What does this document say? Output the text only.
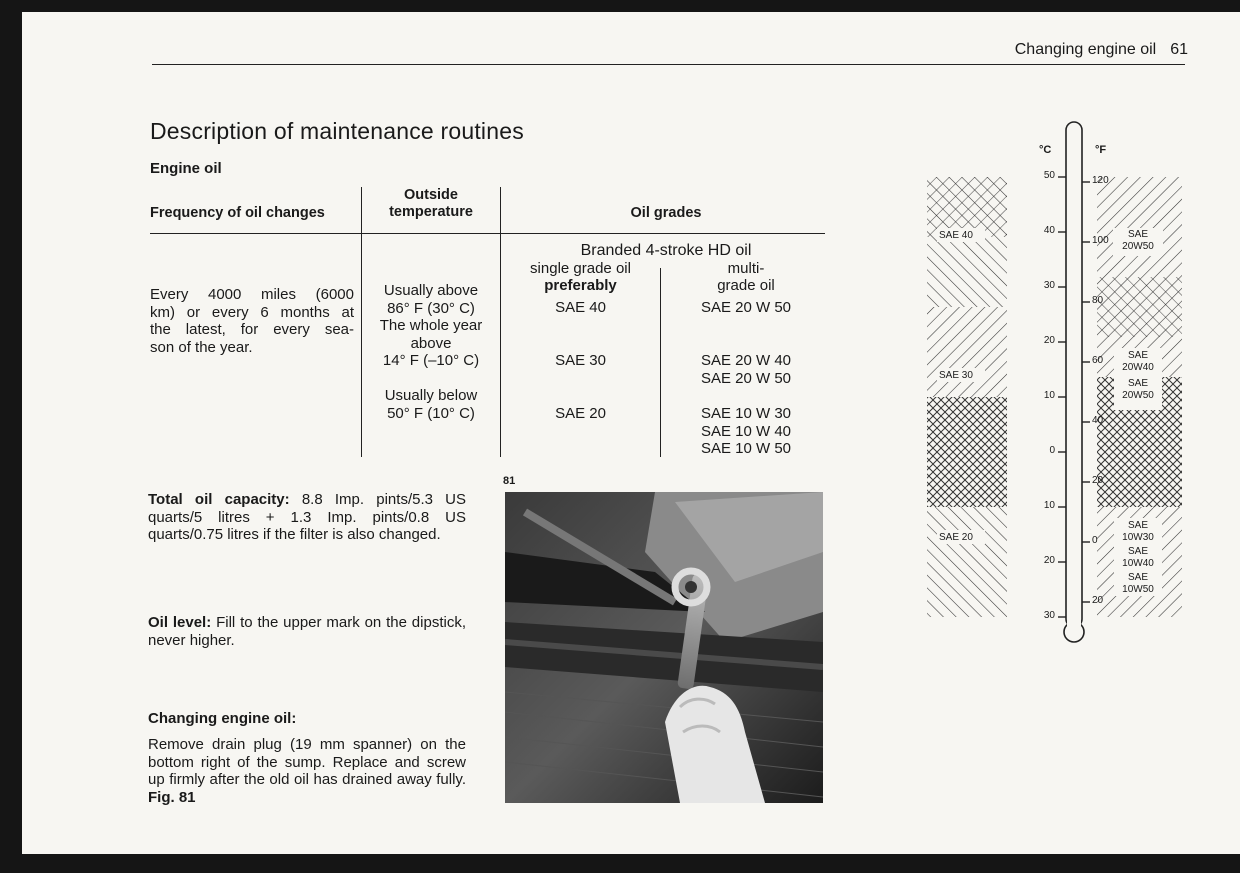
Changing engine oil 61
Description of maintenance routines
Engine oil
Frequency of oil changes
Outside
temperature	Oil grades
Branded 4-stroke HD oil
single grade oil
preferably
multi-
grade oil
Every 4000 miles (6000
km) or every 6 months at
the latest, for every sea-
son of the year.
Usually above
86° F (30° C)
The whole year
above
14° F (–10° C)
Usually below
50° F (10° C)
SAE 40
SAE 30
SAE 20
SAE 20 W 50
SAE 20 W 40
SAE 20 W 50
SAE 10 W 30
SAE 10 W 40
SAE 10 W 50
Total oil capacity: 8.8 Imp. pints/5.3 US quarts/5 litres + 1.3 Imp. pints/0.8 US quarts/0.75 litres if the filter is also changed.
Oil level: Fill to the upper mark on the dipstick, never higher.
Changing engine oil:
Remove drain plug (19 mm spanner) on the bottom right of the sump. Replace and screw up firmly after the old oil has drained away fully. Fig. 81
81
°C	°F
50
40
30
20
10
0
10
20
30
120
100
80
60
40
20
0
20
SAE 40
SAE 30
SAE 20
SAE 20W50
SAE 20W40
SAE 20W50
SAE 10W30
SAE 10W40
SAE 10W50
